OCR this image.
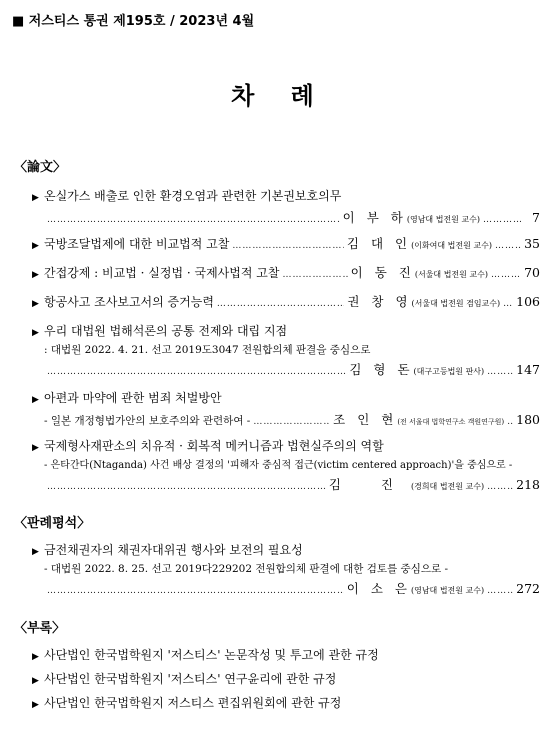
■ 저스티스 통권 제195호 / 2023년 4월
차 례
〈論文〉
▶ 온실가스 배출로 인한 환경오염과 관련한 기본권보호의무
……………………………………………………………………………………………………………………………………………………………………………………
이 부 하 (영남대 법전원 교수) ……………………………………………………………………………………………………………………………………………………………………………………	7
▶ 국방조달법제에 대한 비교법적 고찰 ……………………………………………………………………………………………………………………………………………………………………………………	김 대 인 (이화여대 법전원 교수) ……………………………………………………………………………………………………………………………………………………………………………………	35
▶ 간접강제 : 비교법 · 실정법 · 국제사법적 고찰 ……………………………………………………………………………………………………………………………………………………………………………………	이 동 진 (서울대 법전원 교수) ……………………………………………………………………………………………………………………………………………………………………………………	70
▶ 항공사고 조사보고서의 증거능력 ……………………………………………………………………………………………………………………………………………………………………………………	권 창 영 (서울대 법전원 겸임교수) …………………………………………………………………………………………………………………………………………………………………………………… 106
▶ 우리 대법원 법해석론의 공통 전제와 대립 지점
: 대법원 2022. 4. 21. 선고 2019도3047 전원합의체 판결을 중심으로
……………………………………………………………………………………………………………………………………………………………………………………
김 형 돈 (대구고등법원 판사) ……………………………………………………………………………………………………………………………………………………………………………………	147
▶ 아편과 마약에 관한 범죄 처벌방안
- 일본 개정형법가안의 보호주의와 관련하여 - ……………………………………………………………………………………………………………………………………………………………………………………	조 인 현 (전 서울대 법학연구소 객원연구원) …………………………………………………………………………………………………………………………………………………………………………………… 180
▶ 국제형사재판소의 치유적 · 회복적 메커니즘과 법현실주의의 역할
- 은타간다(Ntaganda) 사건 배상 결정의 '피해자 중심적 접근(victim centered approach)'을 중심으로 -
……………………………………………………………………………………………………………………………………………………………………………………
김 진 (경희대 법전원 교수) ……………………………………………………………………………………………………………………………………………………………………………………	218
〈판례평석〉
▶ 금전채권자의 채권자대위권 행사와 보전의 필요성
- 대법원 2022. 8. 25. 선고 2019다229202 전원합의체 판결에 대한 검토를 중심으로 -
……………………………………………………………………………………………………………………………………………………………………………………
이 소 은 (영남대 법전원 교수) ……………………………………………………………………………………………………………………………………………………………………………………	272
〈부록〉
▶ 사단법인 한국법학원지 '저스티스' 논문작성 및 투고에 관한 규정
▶ 사단법인 한국법학원지 '저스티스' 연구윤리에 관한 규정
▶ 사단법인 한국법학원지 저스티스 편집위원회에 관한 규정
